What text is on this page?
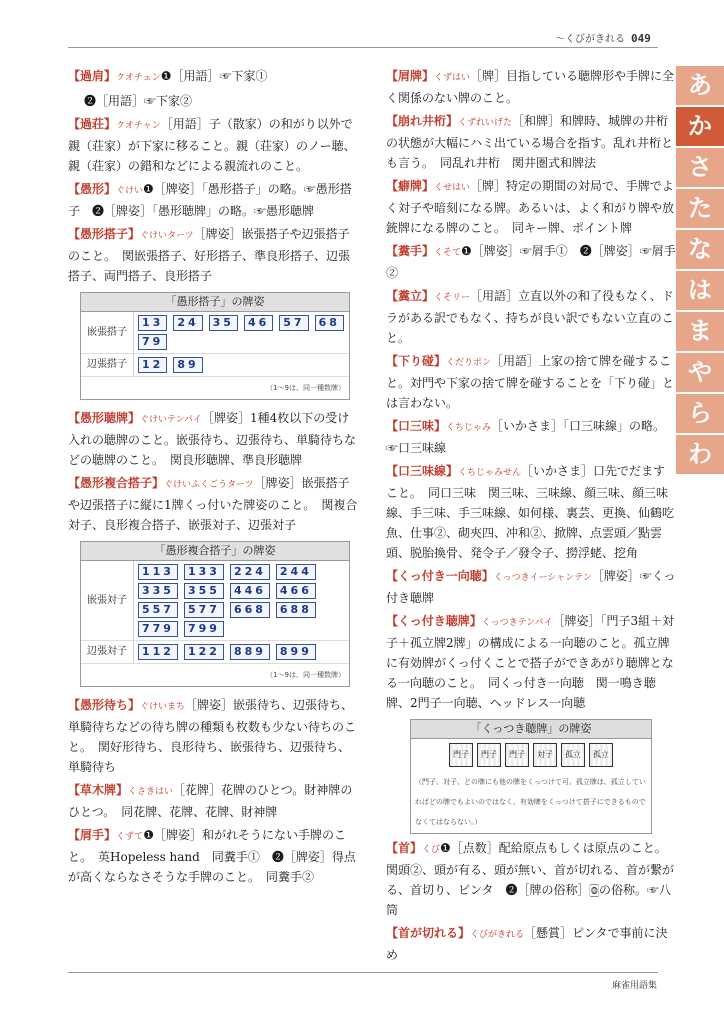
～くびがきれる 049
あ
か
さ
た
な
は
ま
や
ら
わ
【過肩】クオチェン❶［用語］☞下家①
❷［用語］☞下家②
【過荘】クオチャン［用語］子（散家）の和がり以外で親（荘家）が下家に移ること。親（荘家）のノー聴、親（荘家）の錯和などによる親流れのこと。
【愚形】ぐけい❶［牌姿］「愚形搭子」の略。☞愚形搭子　❷［牌姿］「愚形聴牌」の略。☞愚形聴牌
【愚形搭子】ぐけいターツ［牌姿］嵌張搭子や辺張搭子のこと。　関嵌張搭子、好形搭子、準良形搭子、辺張搭子、両門搭子、良形搭子
「愚形搭子」の牌姿
嵌張搭子
13	24	35	46	57	68
79
辺張搭子	12	89
（1～9は、同一種数牌）
【愚形聴牌】ぐけいテンパイ［牌姿］1種4枚以下の受け入れの聴牌のこと。嵌張待ち、辺張待ち、単騎待ちなどの聴牌のこと。　関良形聴牌、準良形聴牌
【愚形複合搭子】ぐけいふくごうターツ［牌姿］嵌張搭子や辺張搭子に縦に1牌くっ付いた牌姿のこと。　関複合対子、良形複合搭子、嵌張対子、辺張対子
「愚形複合搭子」の牌姿
嵌張対子
113	133	224	244
335	355	446	466
557	577	668	688
779	799
辺張対子	112	122	889	899
（1～9は、同一種数牌）
【愚形待ち】ぐけいまち［牌姿］嵌張待ち、辺張待ち、単騎待ちなどの待ち牌の種類も枚数も少ない待ちのこと。　関好形待ち、良形待ち、嵌張待ち、辺張待ち、単騎待ち
【草木牌】くさきはい［花牌］花牌のひとつ。財神牌のひとつ。　同花牌、花牌、花牌、財神牌
【屑手】くずて❶［牌姿］和がれそうにない手牌のこと。　英Hopeless hand　同糞手①　❷［牌姿］得点が高くならなさそうな手牌のこと。　同糞手②
【屑牌】くずはい［牌］目指している聴牌形や手牌に全く関係のない牌のこと。
【崩れ井桁】くずれいげた［和牌］和牌時、城牌の井桁の状態が大幅にハミ出ている場合を指す。乱れ井桁とも言う。　同乱れ井桁　関井圏式和牌法
【癖牌】くせはい［牌］特定の期間の対局で、手牌でよく対子や暗刻になる牌。あるいは、よく和がり牌や放銃牌になる牌のこと。　同キー牌、ポイント牌
【糞手】くそて❶［牌姿］☞屑手①　❷［牌姿］☞屑手②
【糞立】くそリー［用語］立直以外の和了役もなく、ドラがある訳でもなく、持ちが良い訳でもない立直のこと。
【下り碰】くだりポン［用語］上家の捨て牌を碰すること。対門や下家の捨て牌を碰することを「下り碰」とは言わない。
【口三味】くちじゃみ［いかさま］「口三味線」の略。☞口三味線
【口三味線】くちじゃみせん［いかさま］口先でだますこと。　同口三味　関三味、三味線、顔三味、顔三味線、手三味、手三味線、如何様、裏芸、更換、仙鶴吃魚、仕事②、砌夾四、冲和②、掀牌、点雲頭／點雲頭、脱胎換骨、発令子／發令子、撈浮蛯、挖角
【くっ付き一向聴】くっつきイーシャンテン［牌姿］☞くっ付き聴牌
【くっ付き聴牌】くっつきテンパイ［牌姿］「門子3組＋対子＋孤立牌2牌」の構成による一向聴のこと。孤立牌に有効牌がくっ付くことで搭子ができあがり聴牌となる一向聴のこと。　同くっ付き一向聴　関一鳴き聴牌、2門子一向聴、ヘッドレス一向聴
「くっつき聴牌」の牌姿
門子	門子	門子	対子	孤立	孤立
（門子、対子、どの牌にも他の牌をくっつけて可。孤立牌は、孤立していればどの牌でもよいのではなく、有効牌をくっつけて搭子にできるものでなくてはならない。）
【首】くび❶［点数］配給原点もしくは原点のこと。　関頭②、頭が有る、頭が無い、首が切れる、首が繋がる、首切り、ピンタ　❷［牌の俗称］🀙の俗称。☞八筒
【首が切れる】くびがきれる［懸賞］ピンタで事前に決め
麻雀用語集
